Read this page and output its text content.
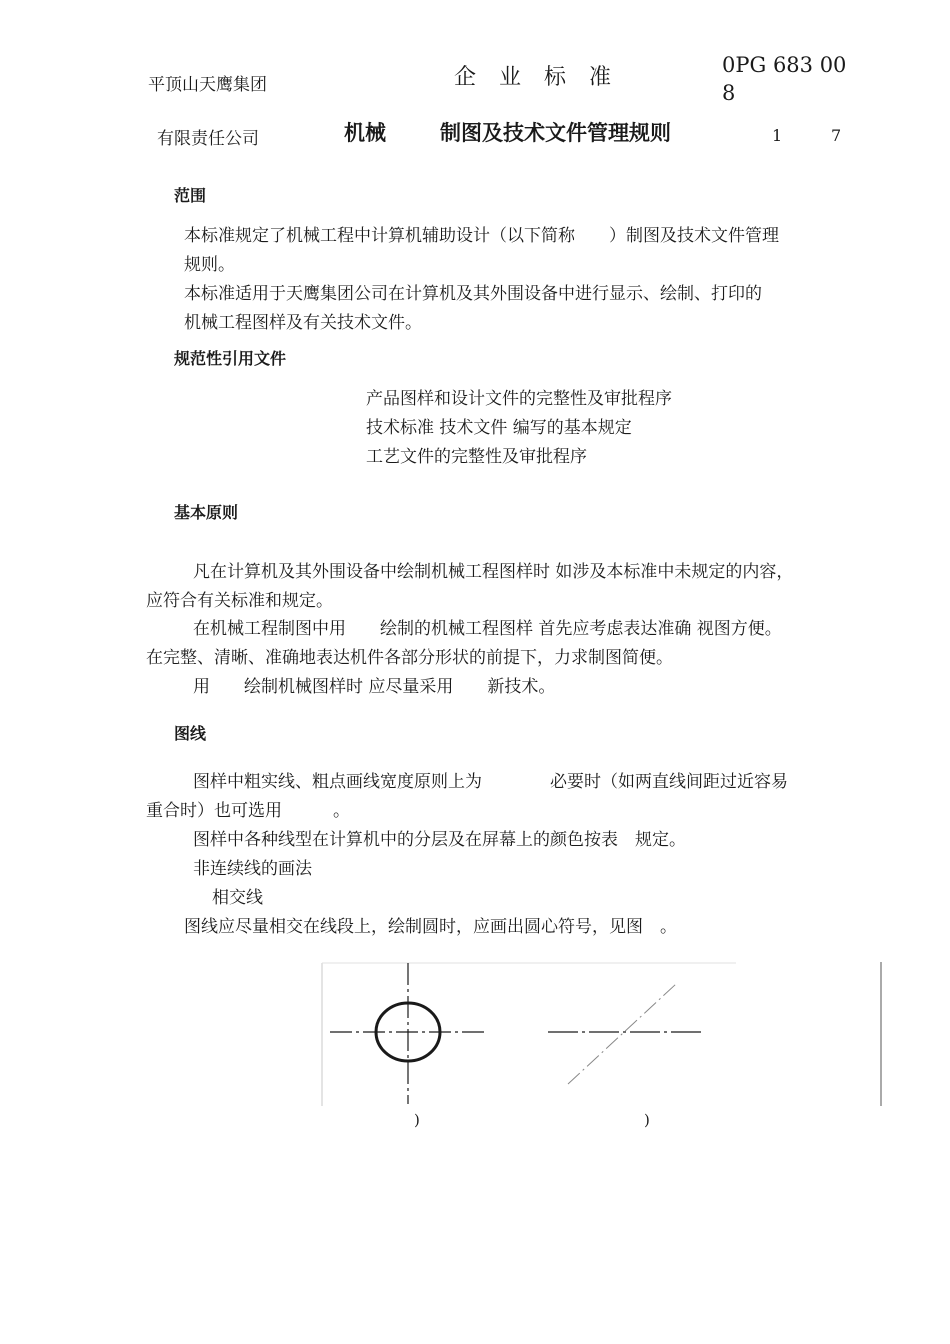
平顶山天鹰集团	企 业 标 准	0PG 683 00
8
有限责任公司	机械	制图及技术文件管理规则	1	7
范围
本标准规定了机械工程中计算机辅助设计（以下简称　　）制图及技术文件管理
规则。
本标准适用于天鹰集团公司在计算机及其外围设备中进行显示、绘制、打印的
机械工程图样及有关技术文件。
规范性引用文件
产品图样和设计文件的完整性及审批程序
技术标准 技术文件 编写的基本规定
工艺文件的完整性及审批程序
基本原则
凡在计算机及其外围设备中绘制机械工程图样时 如涉及本标准中未规定的内容，
应符合有关标准和规定。
在机械工程制图中用　　绘制的机械工程图样 首先应考虑表达准确 视图方便。
在完整、清晰、准确地表达机件各部分形状的前提下，力求制图简便。
用　　绘制机械图样时 应尽量采用　　新技术。
图线
图样中粗实线、粗点画线宽度原则上为　　　　必要时（如两直线间距过近容易
重合时）也可选用　　　。
图样中各种线型在计算机中的分层及在屏幕上的颜色按表　规定。
非连续线的画法
相交线
图线应尽量相交在线段上，绘制圆时，应画出圆心符号，见图　。
)	)
